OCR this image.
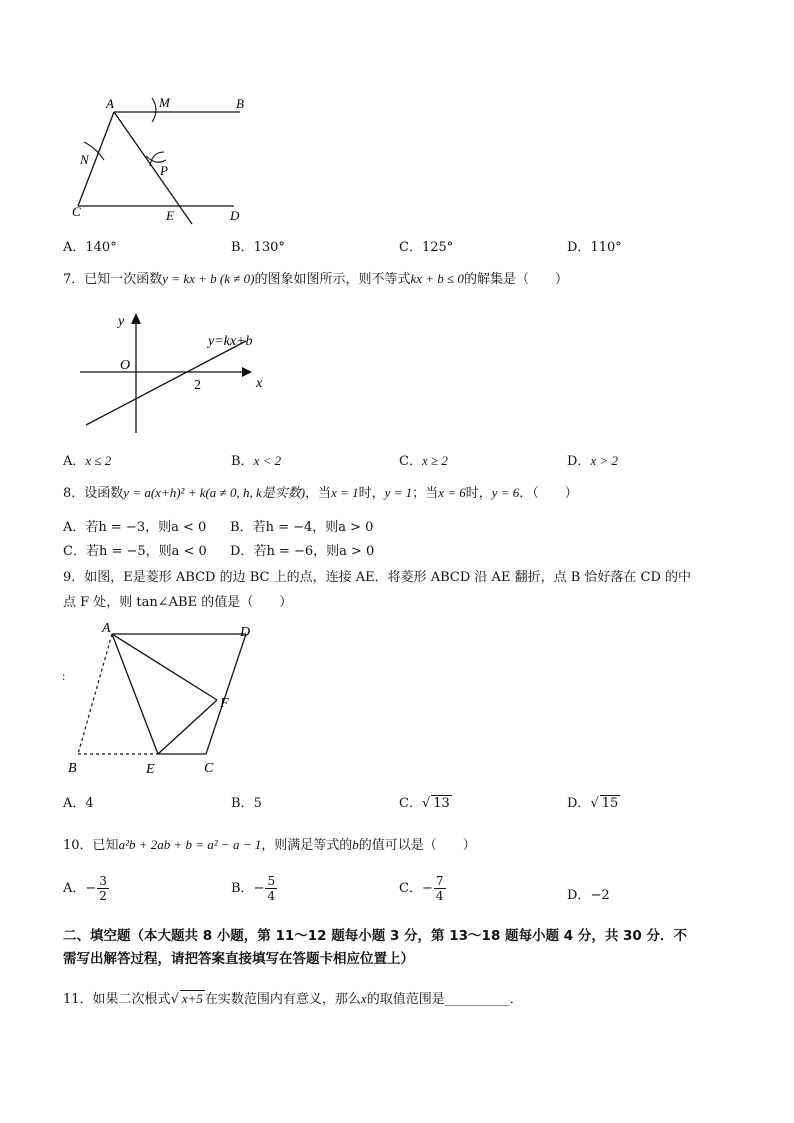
A	M	B
N
P
C	E	D
A．140°	B．130°	C．125°	D．110°
7．已知一次函数y = kx + b (k ≠ 0)的图象如图所示，则不等式kx + b ≤ 0的解集是（　　）
y
x
O
2
y=kx+b
A．x ≤ 2	B．x < 2	C．x ≥ 2	D．x > 2
8．设函数y = a(x+h)² + k(a ≠ 0, h, k是实数)，当x = 1时，y = 1；当x = 6时，y = 6．（　　）
A．若h = −3，则a < 0 B．若h = −4，则a > 0
C．若h = −5，则a < 0 D．若h = −6，则a > 0
9．如图，E是菱形 ABCD 的边 BC 上的点，连接 AE．将菱形 ABCD 沿 AE 翻折，点 B 恰好落在 CD 的中
点 F 处，则 tan∠ABE 的值是（　　）
A	D
F
B	E	C
:
A．4	B．5	C．√ 13	D．√ 15
10．已知a²b + 2ab + b = a² − a − 1，则满足等式的b的值可以是（　　）
A．− $\frac{3}{2}$	B．− $\frac{5}{4}$	C．− $\frac{7}{4}$	D．−2
二、填空题（本大题共 8 小题，第 11～12 题每小题 3 分，第 13～18 题每小题 4 分，共 30 分．不
需写出解答过程，请把答案直接填写在答题卡相应位置上）
11．如果二次根式√ x+5 在实数范围内有意义，那么x的取值范围是__________．
